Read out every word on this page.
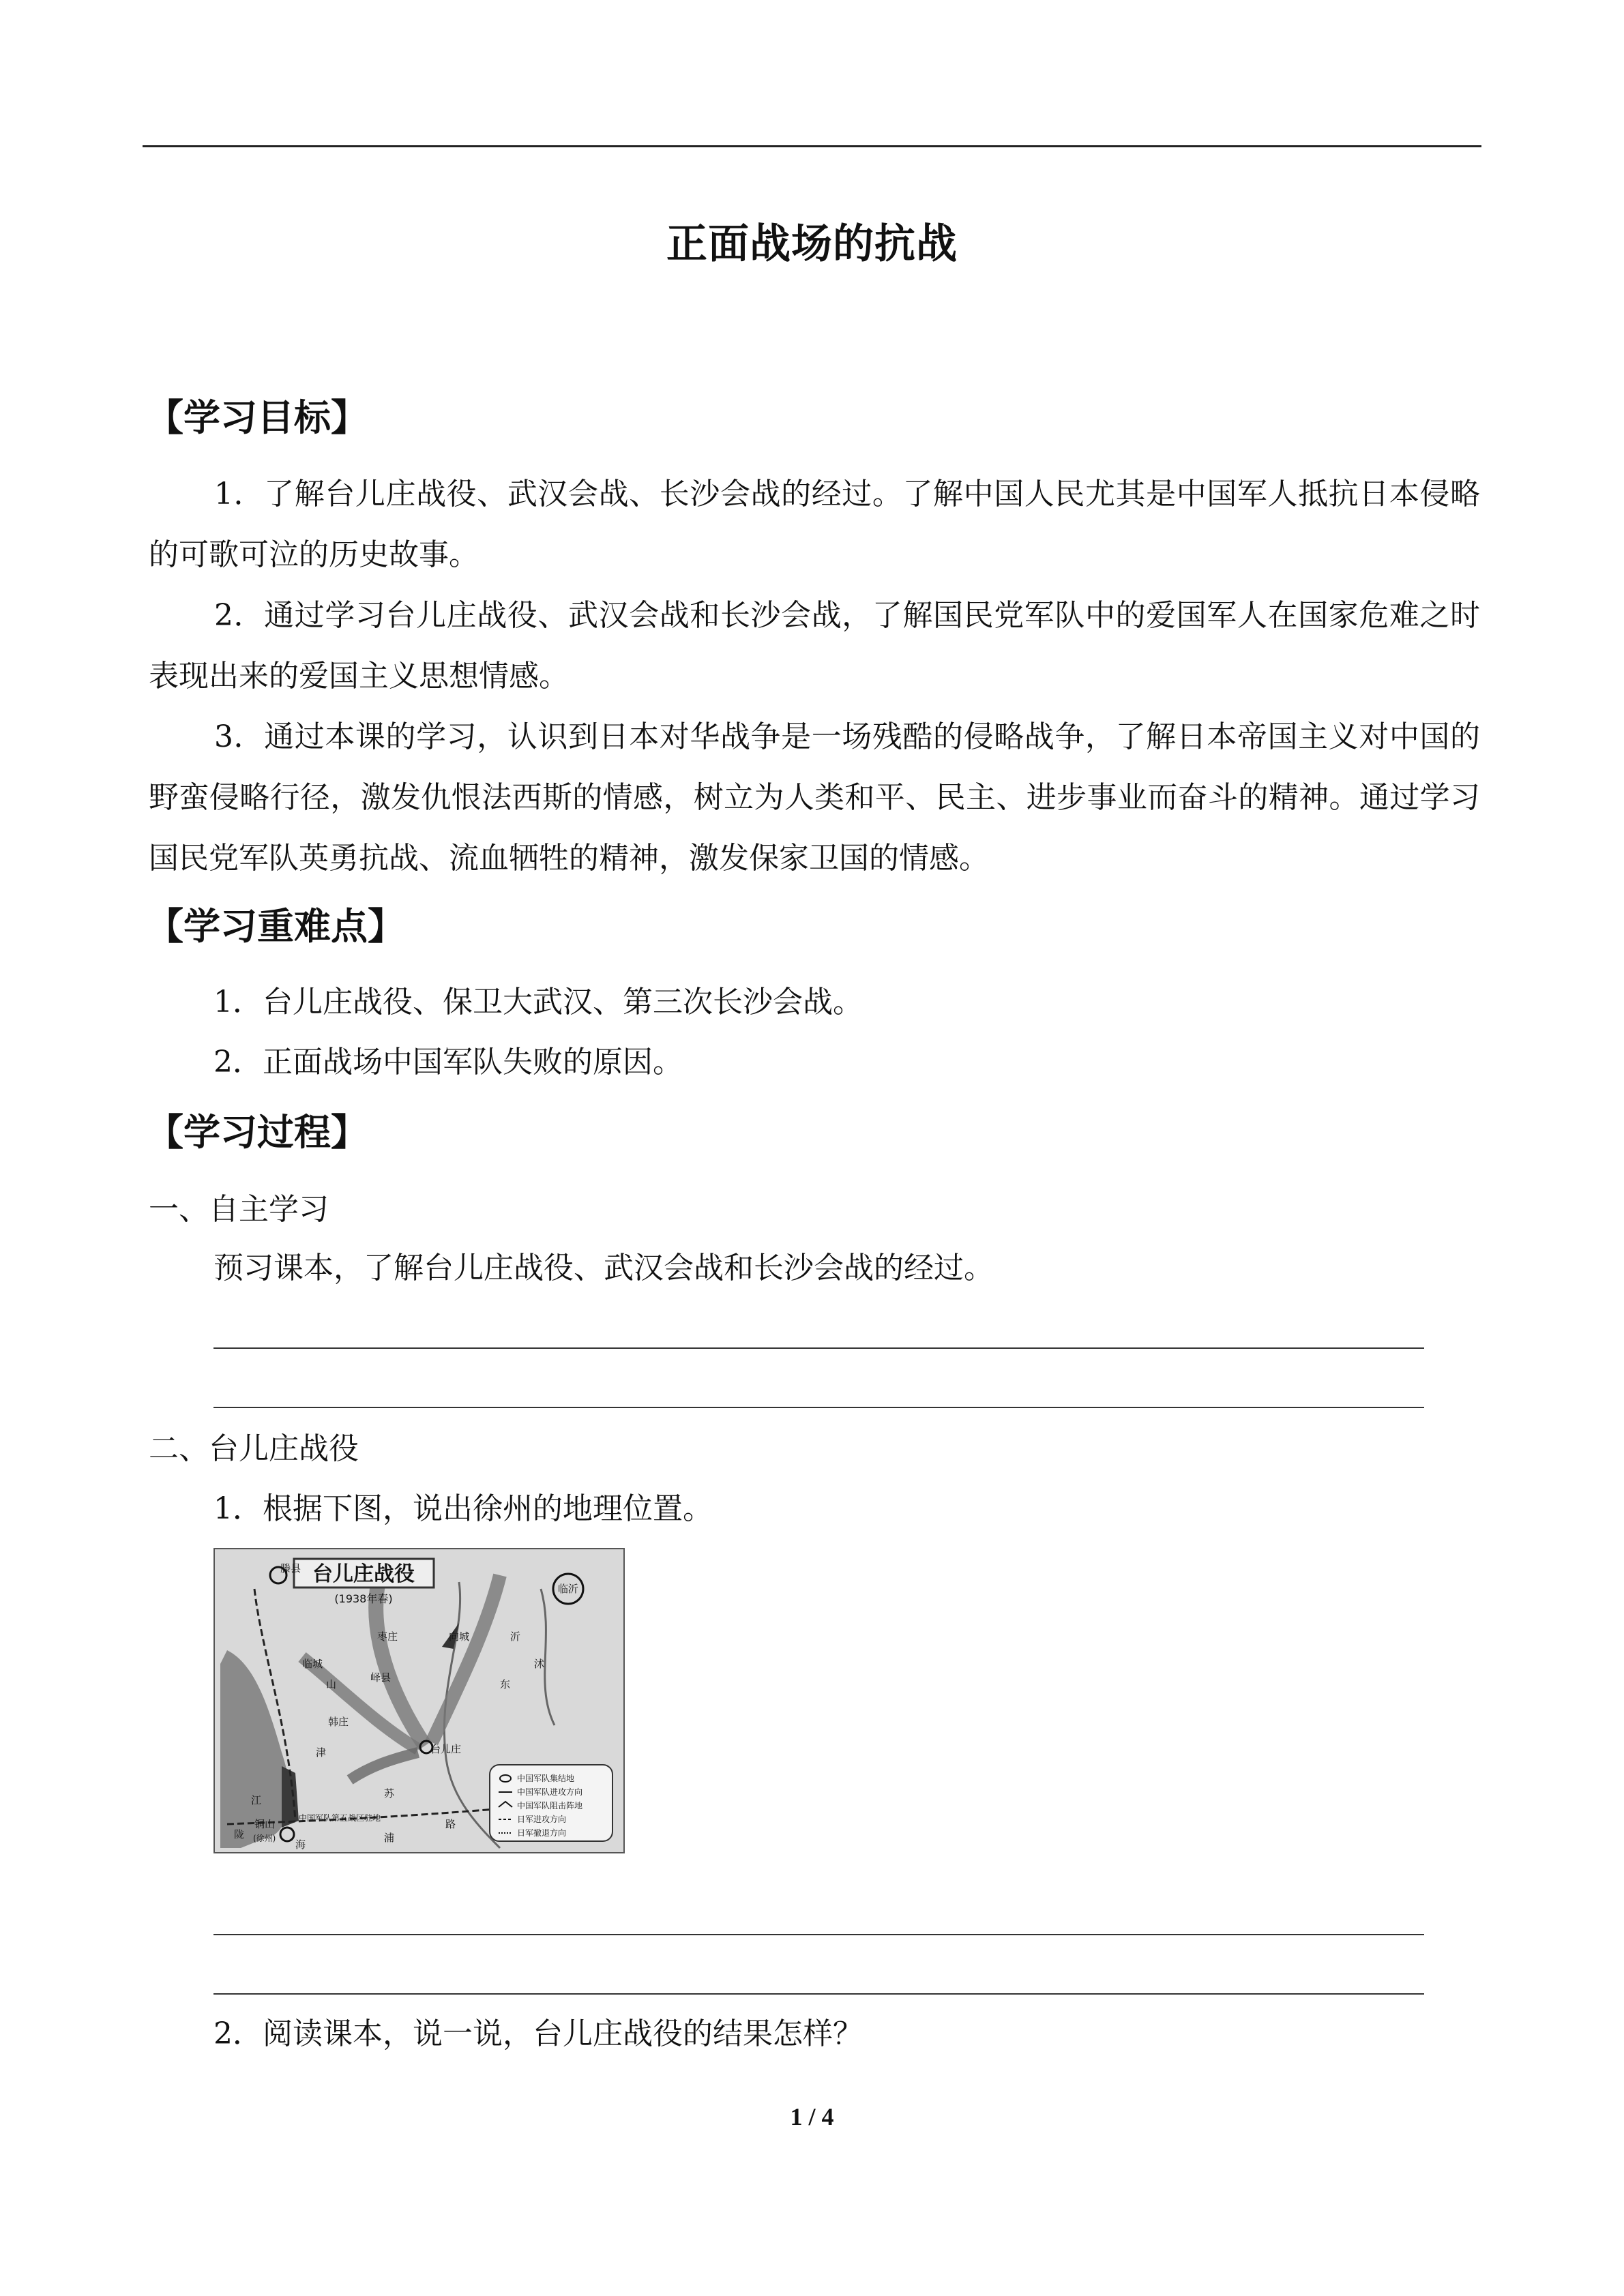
正面战场的抗战
【学习目标】
1．了解台儿庄战役、武汉会战、长沙会战的经过。了解中国人民尤其是中国军人抵抗日本侵略的可歌可泣的历史故事。
2．通过学习台儿庄战役、武汉会战和长沙会战，了解国民党军队中的爱国军人在国家危难之时表现出来的爱国主义思想情感。
3．通过本课的学习，认识到日本对华战争是一场残酷的侵略战争，了解日本帝国主义对中国的野蛮侵略行径，激发仇恨法西斯的情感，树立为人类和平、民主、进步事业而奋斗的精神。通过学习国民党军队英勇抗战、流血牺牲的精神，激发保家卫国的情感。
【学习重难点】
1．台儿庄战役、保卫大武汉、第三次长沙会战。
2．正面战场中国军队失败的原因。
【学习过程】
一、自主学习
预习课本，了解台儿庄战役、武汉会战和长沙会战的经过。
二、台儿庄战役
1．根据下图，说出徐州的地理位置。
台儿庄战役
(1938年春)
滕县
临沂
枣庄	向城
临城
峄县
韩庄
台儿庄
铜山
(徐州)
中国军队第五战区驻地
山	东
沂
沭
江
苏
津
陇
海
浦
路
中国军队集结地
中国军队进攻方向
中国军队阻击阵地
日军进攻方向
日军撤退方向
2．阅读课本，说一说，台儿庄战役的结果怎样？
1 / 4
